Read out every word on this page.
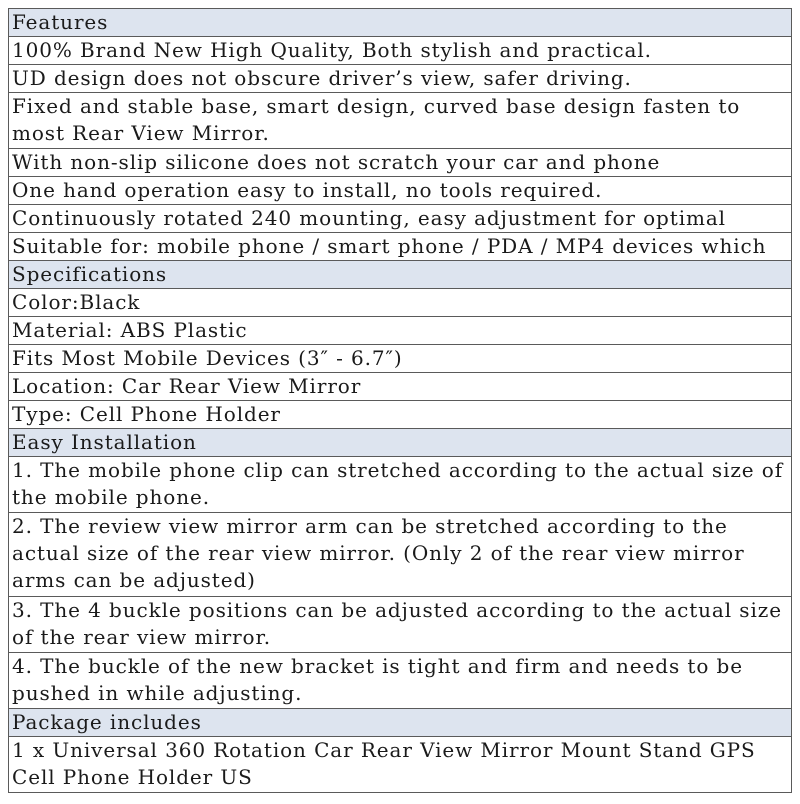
Features
100% Brand New High Quality, Both stylish and practical.
UD design does not obscure driver’s view, safer driving.
Fixed and stable base, smart design, curved base design fasten to most Rear View Mirror.
With non-slip silicone does not scratch your car and phone
One hand operation easy to install, no tools required.
Continuously rotated 240 mounting, easy adjustment for optimal
Suitable for: mobile phone / smart phone / PDA / MP4 devices which
Specifications
Color:Black
Material: ABS Plastic
Fits Most Mobile Devices (3″ - 6.7″)
Location: Car Rear View Mirror
Type: Cell Phone Holder
Easy Installation
1. The mobile phone clip can stretched according to the actual size of the mobile phone.
2. The review view mirror arm can be stretched according to the actual size of the rear view mirror. (Only 2 of the rear view mirror arms can be adjusted)
3. The 4 buckle positions can be adjusted according to the actual size of the rear view mirror.
4. The buckle of the new bracket is tight and firm and needs to be pushed in while adjusting.
Package includes
1 x Universal 360 Rotation Car Rear View Mirror Mount Stand GPS Cell Phone Holder US
